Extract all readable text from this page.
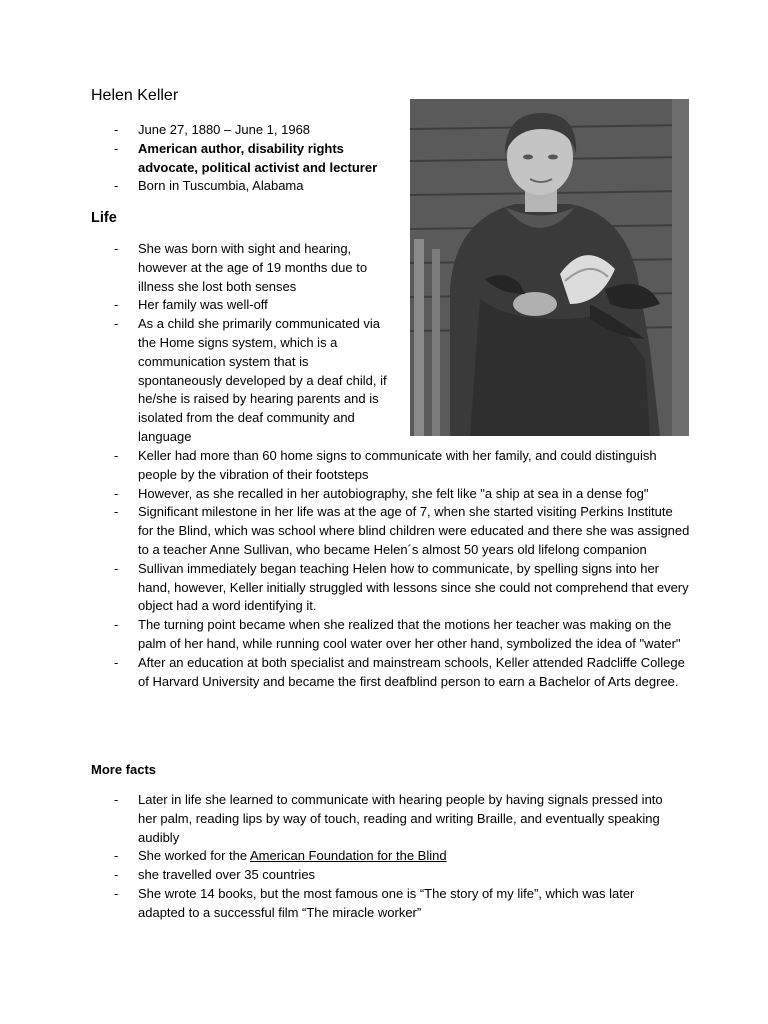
Helen Keller
- June 27, 1880 – June 1, 1968
- American author, disability rights advocate, political activist and lecturer
- Born in Tuscumbia, Alabama
Life
- She was born with sight and hearing, however at the age of 19 months due to illness she lost both senses
- Her family was well-off
- As a child she primarily communicated via the Home signs system, which is a communication system that is spontaneously developed by a deaf child, if he/she is raised by hearing parents and is isolated from the deaf community and language
- Keller had more than 60 home signs to communicate with her family, and could distinguish people by the vibration of their footsteps
- However, as she recalled in her autobiography, she felt like "a ship at sea in a dense fog"
- Significant milestone in her life was at the age of 7, when she started visiting Perkins Institute for the Blind, which was school where blind children were educated and there she was assigned to a teacher Anne Sullivan, who became Helen´s almost 50 years old lifelong companion
- Sullivan immediately began teaching Helen how to communicate, by spelling signs into her hand, however, Keller initially struggled with lessons since she could not comprehend that every object had a word identifying it.
- The turning point became when she realized that the motions her teacher was making on the palm of her hand, while running cool water over her other hand, symbolized the idea of "water"
- After an education at both specialist and mainstream schools, Keller attended Radcliffe College of Harvard University and became the first deafblind person to earn a Bachelor of Arts degree.
More facts
- Later in life she learned to communicate with hearing people by having signals pressed into her palm, reading lips by way of touch, reading and writing Braille, and eventually speaking audibly
- She worked for the American Foundation for the Blind
- she travelled over 35 countries
- She wrote 14 books, but the most famous one is “The story of my life”, which was later adapted to a successful film “The miracle worker”
